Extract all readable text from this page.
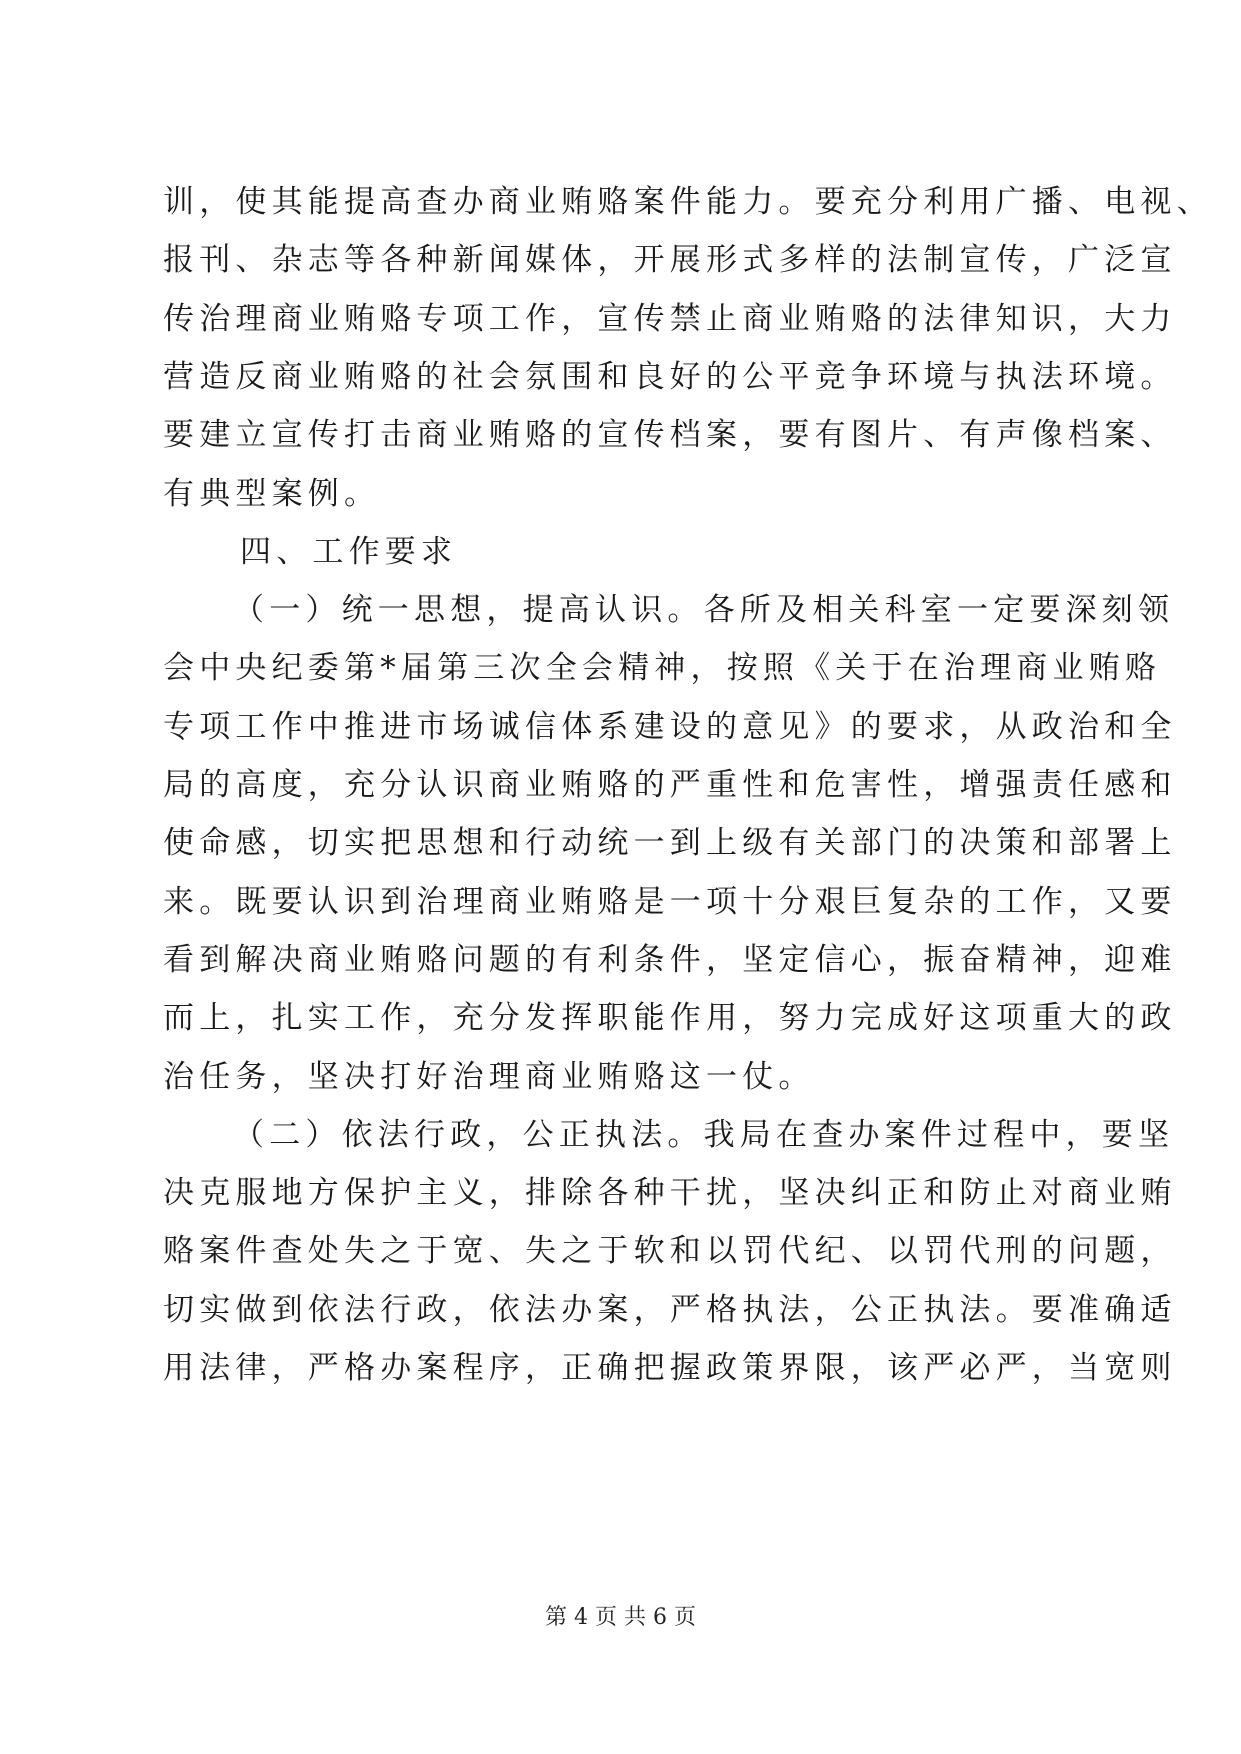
训，使其能提高查办商业贿赂案件能力。要充分利用广播、电视、
报刊、杂志等各种新闻媒体，开展形式多样的法制宣传，广泛宣
传治理商业贿赂专项工作，宣传禁止商业贿赂的法律知识，大力
营造反商业贿赂的社会氛围和良好的公平竞争环境与执法环境。
要建立宣传打击商业贿赂的宣传档案，要有图片、有声像档案、
有典型案例。
四、工作要求
（一）统一思想，提高认识。各所及相关科室一定要深刻领
会中央纪委第*届第三次全会精神，按照《关于在治理商业贿赂
专项工作中推进市场诚信体系建设的意见》的要求，从政治和全
局的高度，充分认识商业贿赂的严重性和危害性，增强责任感和
使命感，切实把思想和行动统一到上级有关部门的决策和部署上
来。既要认识到治理商业贿赂是一项十分艰巨复杂的工作，又要
看到解决商业贿赂问题的有利条件，坚定信心，振奋精神，迎难
而上，扎实工作，充分发挥职能作用，努力完成好这项重大的政
治任务，坚决打好治理商业贿赂这一仗。
（二）依法行政，公正执法。我局在查办案件过程中，要坚
决克服地方保护主义，排除各种干扰，坚决纠正和防止对商业贿
赂案件查处失之于宽、失之于软和以罚代纪、以罚代刑的问题，
切实做到依法行政，依法办案，严格执法，公正执法。要准确适
用法律，严格办案程序，正确把握政策界限，该严必严，当宽则
第 4 页 共 6 页
